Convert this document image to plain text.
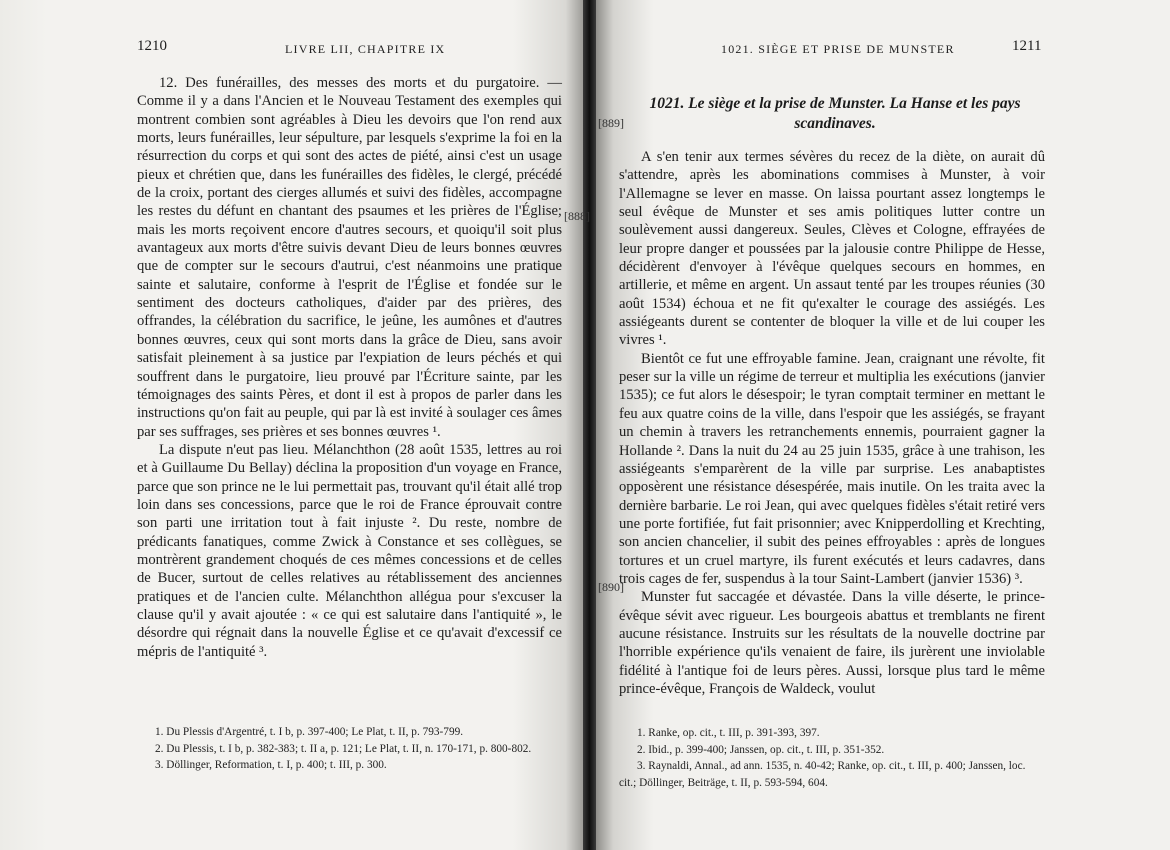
1210	LIVRE LII, CHAPITRE IX

12. Des funérailles, des messes des morts et du purgatoire. — Comme il y a dans l'Ancien et le Nouveau Testament des exemples qui montrent combien sont agréables à Dieu les devoirs que l'on rend aux morts, leurs funérailles, leur sépulture, par lesquels s'exprime la foi en la résurrection du corps et qui sont des actes de piété, ainsi c'est un usage pieux et chrétien que, dans les funérailles des fidèles, le clergé, précédé de la croix, portant des cierges allumés et suivi des fidèles, accompagne les restes du défunt en chantant des psaumes et les prières de l'Église; mais les morts reçoivent encore d'autres secours, et quoiqu'il soit plus avantageux aux morts d'être suivis devant Dieu de leurs bonnes œuvres que de compter sur le secours d'autrui, c'est néanmoins une pratique sainte et salutaire, conforme à l'esprit de l'Église et fondée sur le sentiment des docteurs catholiques, d'aider par des prières, des offrandes, la célébration du sacrifice, le jeûne, les aumônes et d'autres bonnes œuvres, ceux qui sont morts dans la grâce de Dieu, sans avoir satisfait pleinement à sa justice par l'expiation de leurs péchés et qui souffrent dans le purgatoire, lieu prouvé par l'Écriture sainte, par les témoignages des saints Pères, et dont il est à propos de parler dans les instructions qu'on fait au peuple, qui par là est invité à soulager ces âmes par ses suffrages, ses prières et ses bonnes œuvres ¹.

La dispute n'eut pas lieu. Mélanchthon (28 août 1535, lettres au roi et à Guillaume Du Bellay) déclina la proposition d'un voyage en France, parce que son prince ne le lui permettait pas, trouvant qu'il était allé trop loin dans ses concessions, parce que le roi de France éprouvait contre son parti une irritation tout à fait injuste ². Du reste, nombre de prédicants fanatiques, comme Zwick à Constance et ses collègues, se montrèrent grandement choqués de ces mêmes concessions et de celles de Bucer, surtout de celles relatives au rétablissement des anciennes pratiques et de l'ancien culte. Mélanchthon allégua pour s'excuser la clause qu'il y avait ajoutée : « ce qui est salutaire dans l'antiquité », le désordre qui régnait dans la nouvelle Église et ce qu'avait d'excessif ce mépris de l'antiquité ³.

1. Du Plessis d'Argentré, t. I b, p. 397-400; Le Plat, t. II, p. 793-799.

2. Du Plessis, t. I b, p. 382-383; t. II a, p. 121; Le Plat, t. II, n. 170-171, p. 800-802.

3. Döllinger, Reformation, t. I, p. 400; t. III, p. 300.

1021. SIÈGE ET PRISE DE MUNSTER	1211
1021. Le siège et la prise de Munster. La Hanse et les pays
scandinaves.

A s'en tenir aux termes sévères du recez de la diète, on aurait dû s'attendre, après les abominations commises à Munster, à voir l'Allemagne se lever en masse. On laissa pourtant assez longtemps le seul évêque de Munster et ses amis politiques lutter contre un soulèvement aussi dangereux. Seules, Clèves et Cologne, effrayées de leur propre danger et poussées par la jalousie contre Philippe de Hesse, décidèrent d'envoyer à l'évêque quelques secours en hommes, en artillerie, et même en argent. Un assaut tenté par les troupes réunies (30 août 1534) échoua et ne fit qu'exalter le courage des assiégés. Les assiégeants durent se contenter de bloquer la ville et de lui couper les vivres ¹.

Bientôt ce fut une effroyable famine. Jean, craignant une révolte, fit peser sur la ville un régime de terreur et multiplia les exécutions (janvier 1535); ce fut alors le désespoir; le tyran comptait terminer en mettant le feu aux quatre coins de la ville, dans l'espoir que les assiégés, se frayant un chemin à travers les retranchements ennemis, pourraient gagner la Hollande ². Dans la nuit du 24 au 25 juin 1535, grâce à une trahison, les assiégeants s'emparèrent de la ville par surprise. Les anabaptistes opposèrent une résistance désespérée, mais inutile. On les traita avec la dernière barbarie. Le roi Jean, qui avec quelques fidèles s'était retiré vers une porte fortifiée, fut fait prisonnier; avec Knipperdolling et Krechting, son ancien chancelier, il subit des peines effroyables : après de longues tortures et un cruel martyre, ils furent exécutés et leurs cadavres, dans trois cages de fer, suspendus à la tour Saint-Lambert (janvier 1536) ³.

Munster fut saccagée et dévastée. Dans la ville déserte, le prince-évêque sévit avec rigueur. Les bourgeois abattus et tremblants ne firent aucune résistance. Instruits sur les résultats de la nouvelle doctrine par l'horrible expérience qu'ils venaient de faire, ils jurèrent une inviolable fidélité à l'antique foi de leurs pères. Aussi, lorsque plus tard le même prince-évêque, François de Waldeck, voulut

1. Ranke, op. cit., t. III, p. 391-393, 397.

2. Ibid., p. 399-400; Janssen, op. cit., t. III, p. 351-352.

3. Raynaldi, Annal., ad ann. 1535, n. 40-42; Ranke, op. cit., t. III, p. 400; Janssen, loc. cit.; Döllinger, Beiträge, t. II, p. 593-594, 604.

[888]
[889]
[890]
